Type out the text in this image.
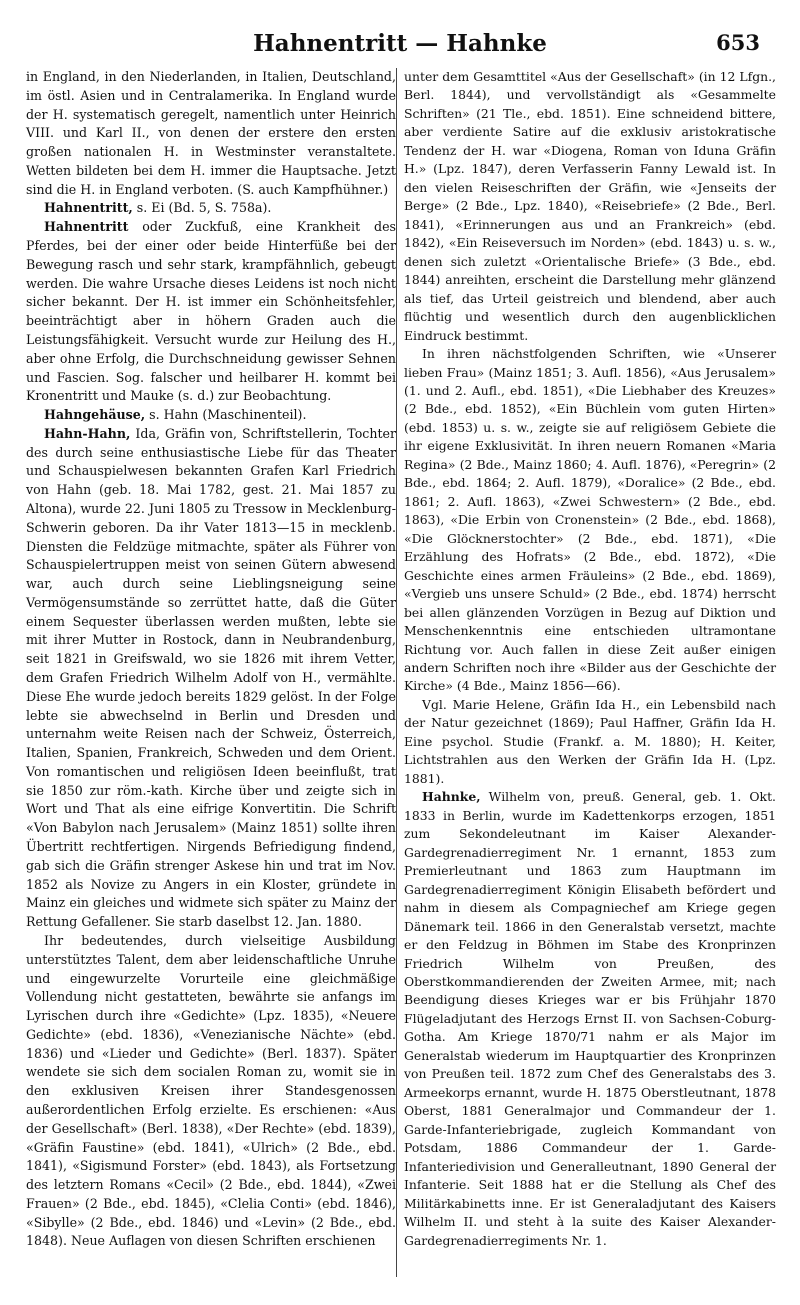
Hahnentritt — Hahnke	653

in England, in den Niederlanden, in Italien, Deutschland, im östl. Asien und in Centralamerika. In England wurde der H. systematisch geregelt, namentlich unter Heinrich VIII. und Karl II., von denen der erstere den ersten großen nationalen H. in Westminster veranstaltete. Wetten bildeten bei dem H. immer die Hauptsache. Jetzt sind die H. in England verboten. (S. auch Kampfhühner.)

Hahnentritt, s. Ei (Bd. 5, S. 758a).

Hahnentritt oder Zuckfuß, eine Krankheit des Pferdes, bei der einer oder beide Hinterfüße bei der Bewegung rasch und sehr stark, krampfähnlich, gebeugt werden. Die wahre Ursache dieses Leidens ist noch nicht sicher bekannt. Der H. ist immer ein Schönheitsfehler, beeinträchtigt aber in höhern Graden auch die Leistungsfähigkeit. Versucht wurde zur Heilung des H., aber ohne Erfolg, die Durchschneidung gewisser Sehnen und Fascien. Sog. falscher und heilbarer H. kommt bei Kronentritt und Mauke (s. d.) zur Beobachtung.

Hahngehäuse, s. Hahn (Maschinenteil).

Hahn-Hahn, Ida, Gräfin von, Schriftstellerin, Tochter des durch seine enthusiastische Liebe für das Theater und Schauspielwesen bekannten Grafen Karl Friedrich von Hahn (geb. 18. Mai 1782, gest. 21. Mai 1857 zu Altona), wurde 22. Juni 1805 zu Tressow in Mecklenburg-Schwerin geboren. Da ihr Vater 1813—15 in mecklenb. Diensten die Feldzüge mitmachte, später als Führer von Schauspielertruppen meist von seinen Gütern abwesend war, auch durch seine Lieblingsneigung seine Vermögensumstände so zerrüttet hatte, daß die Güter einem Sequester überlassen werden mußten, lebte sie mit ihrer Mutter in Rostock, dann in Neubrandenburg, seit 1821 in Greifswald, wo sie 1826 mit ihrem Vetter, dem Grafen Friedrich Wilhelm Adolf von H., vermählte. Diese Ehe wurde jedoch bereits 1829 gelöst. In der Folge lebte sie abwechselnd in Berlin und Dresden und unternahm weite Reisen nach der Schweiz, Österreich, Italien, Spanien, Frankreich, Schweden und dem Orient. Von romantischen und religiösen Ideen beeinflußt, trat sie 1850 zur röm.-kath. Kirche über und zeigte sich in Wort und That als eine eifrige Konvertitin. Die Schrift «Von Babylon nach Jerusalem» (Mainz 1851) sollte ihren Übertritt rechtfertigen. Nirgends Befriedigung findend, gab sich die Gräfin strenger Askese hin und trat im Nov. 1852 als Novize zu Angers in ein Kloster, gründete in Mainz ein gleiches und widmete sich später zu Mainz der Rettung Gefallener. Sie starb daselbst 12. Jan. 1880.

Ihr bedeutendes, durch vielseitige Ausbildung unterstütztes Talent, dem aber leidenschaftliche Unruhe und eingewurzelte Vorurteile eine gleichmäßige Vollendung nicht gestatteten, bewährte sie anfangs im Lyrischen durch ihre «Gedichte» (Lpz. 1835), «Neuere Gedichte» (ebd. 1836), «Venezianische Nächte» (ebd. 1836) und «Lieder und Gedichte» (Berl. 1837). Später wendete sie sich dem socialen Roman zu, womit sie in den exklusiven Kreisen ihrer Standesgenossen außerordentlichen Erfolg erzielte. Es erschienen: «Aus der Gesellschaft» (Berl. 1838), «Der Rechte» (ebd. 1839), «Gräfin Faustine» (ebd. 1841), «Ulrich» (2 Bde., ebd. 1841), «Sigismund Forster» (ebd. 1843), als Fortsetzung des letztern Romans «Cecil» (2 Bde., ebd. 1844), «Zwei Frauen» (2 Bde., ebd. 1845), «Clelia Conti» (ebd. 1846), «Sibylle» (2 Bde., ebd. 1846) und «Levin» (2 Bde., ebd. 1848). Neue Auflagen von diesen Schriften erschienen

unter dem Gesamttitel «Aus der Gesellschaft» (in 12 Lfgn., Berl. 1844), und vervollständigt als «Gesammelte Schriften» (21 Tle., ebd. 1851). Eine schneidend bittere, aber verdiente Satire auf die exklusiv aristokratische Tendenz der H. war «Diogena, Roman von Iduna Gräfin H.» (Lpz. 1847), deren Verfasserin Fanny Lewald ist. In den vielen Reiseschriften der Gräfin, wie «Jenseits der Berge» (2 Bde., Lpz. 1840), «Reisebriefe» (2 Bde., Berl. 1841), «Erinnerungen aus und an Frankreich» (ebd. 1842), «Ein Reiseversuch im Norden» (ebd. 1843) u. s. w., denen sich zuletzt «Orientalische Briefe» (3 Bde., ebd. 1844) anreihten, erscheint die Darstellung mehr glänzend als tief, das Urteil geistreich und blendend, aber auch flüchtig und wesentlich durch den augenblicklichen Eindruck bestimmt.

In ihren nächstfolgenden Schriften, wie «Unserer lieben Frau» (Mainz 1851; 3. Aufl. 1856), «Aus Jerusalem» (1. und 2. Aufl., ebd. 1851), «Die Liebhaber des Kreuzes» (2 Bde., ebd. 1852), «Ein Büchlein vom guten Hirten» (ebd. 1853) u. s. w., zeigte sie auf religiösem Gebiete die ihr eigene Exklusivität. In ihren neuern Romanen «Maria Regina» (2 Bde., Mainz 1860; 4. Aufl. 1876), «Peregrin» (2 Bde., ebd. 1864; 2. Aufl. 1879), «Doralice» (2 Bde., ebd. 1861; 2. Aufl. 1863), «Zwei Schwestern» (2 Bde., ebd. 1863), «Die Erbin von Cronenstein» (2 Bde., ebd. 1868), «Die Glöcknerstochter» (2 Bde., ebd. 1871), «Die Erzählung des Hofrats» (2 Bde., ebd. 1872), «Die Geschichte eines armen Fräuleins» (2 Bde., ebd. 1869), «Vergieb uns unsere Schuld» (2 Bde., ebd. 1874) herrscht bei allen glänzenden Vorzügen in Bezug auf Diktion und Menschenkenntnis eine entschieden ultramontane Richtung vor. Auch fallen in diese Zeit außer einigen andern Schriften noch ihre «Bilder aus der Geschichte der Kirche» (4 Bde., Mainz 1856—66).

Vgl. Marie Helene, Gräfin Ida H., ein Lebensbild nach der Natur gezeichnet (1869); Paul Haffner, Gräfin Ida H. Eine psychol. Studie (Frankf. a. M. 1880); H. Keiter, Lichtstrahlen aus den Werken der Gräfin Ida H. (Lpz. 1881).

Hahnke, Wilhelm von, preuß. General, geb. 1. Okt. 1833 in Berlin, wurde im Kadettenkorps erzogen, 1851 zum Sekondeleutnant im Kaiser Alexander-Gardegrenadierregiment Nr. 1 ernannt, 1853 zum Premierleutnant und 1863 zum Hauptmann im Gardegrenadierregiment Königin Elisabeth befördert und nahm in diesem als Compagniechef am Kriege gegen Dänemark teil. 1866 in den Generalstab versetzt, machte er den Feldzug in Böhmen im Stabe des Kronprinzen Friedrich Wilhelm von Preußen, des Oberstkommandierenden der Zweiten Armee, mit; nach Beendigung dieses Krieges war er bis Frühjahr 1870 Flügeladjutant des Herzogs Ernst II. von Sachsen-Coburg-Gotha. Am Kriege 1870/71 nahm er als Major im Generalstab wiederum im Hauptquartier des Kronprinzen von Preußen teil. 1872 zum Chef des Generalstabs des 3. Armeekorps ernannt, wurde H. 1875 Oberstleutnant, 1878 Oberst, 1881 Generalmajor und Commandeur der 1. Garde-Infanteriebrigade, zugleich Kommandant von Potsdam, 1886 Commandeur der 1. Garde-Infanteriedivision und Generalleutnant, 1890 General der Infanterie. Seit 1888 hat er die Stellung als Chef des Militärkabinetts inne. Er ist Generaladjutant des Kaisers Wilhelm II. und steht à la suite des Kaiser Alexander-Gardegrenadierregiments Nr. 1.
